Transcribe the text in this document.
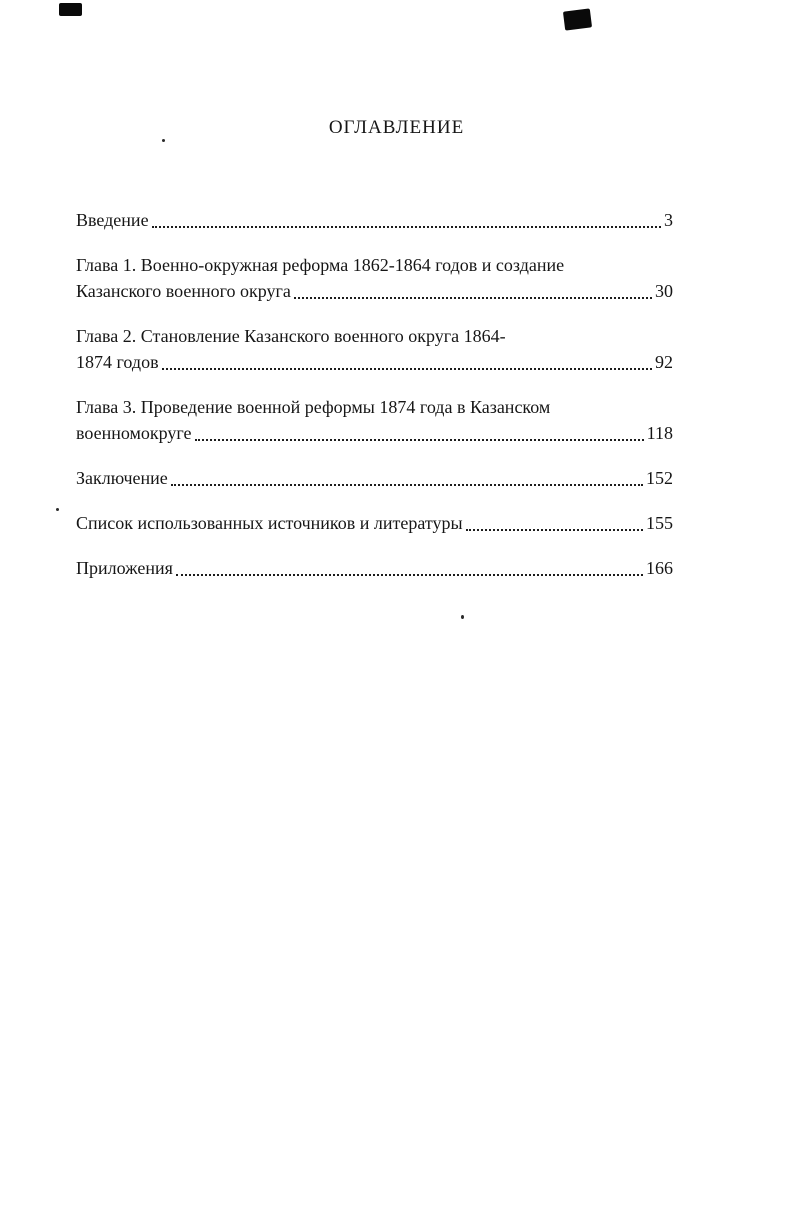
ОГЛАВЛЕНИЕ
Введение	3
Глава 1. Военно-окружная реформа 1862-1864 годов и создание
Казанского военного округа	30
Глава 2. Становление Казанского военного округа 1864-
1874 годов	92
Глава 3. Проведение военной реформы 1874 года в Казанском
военномокруге	118
Заключение	152
Список использованных источников и литературы	155
Приложения	166
